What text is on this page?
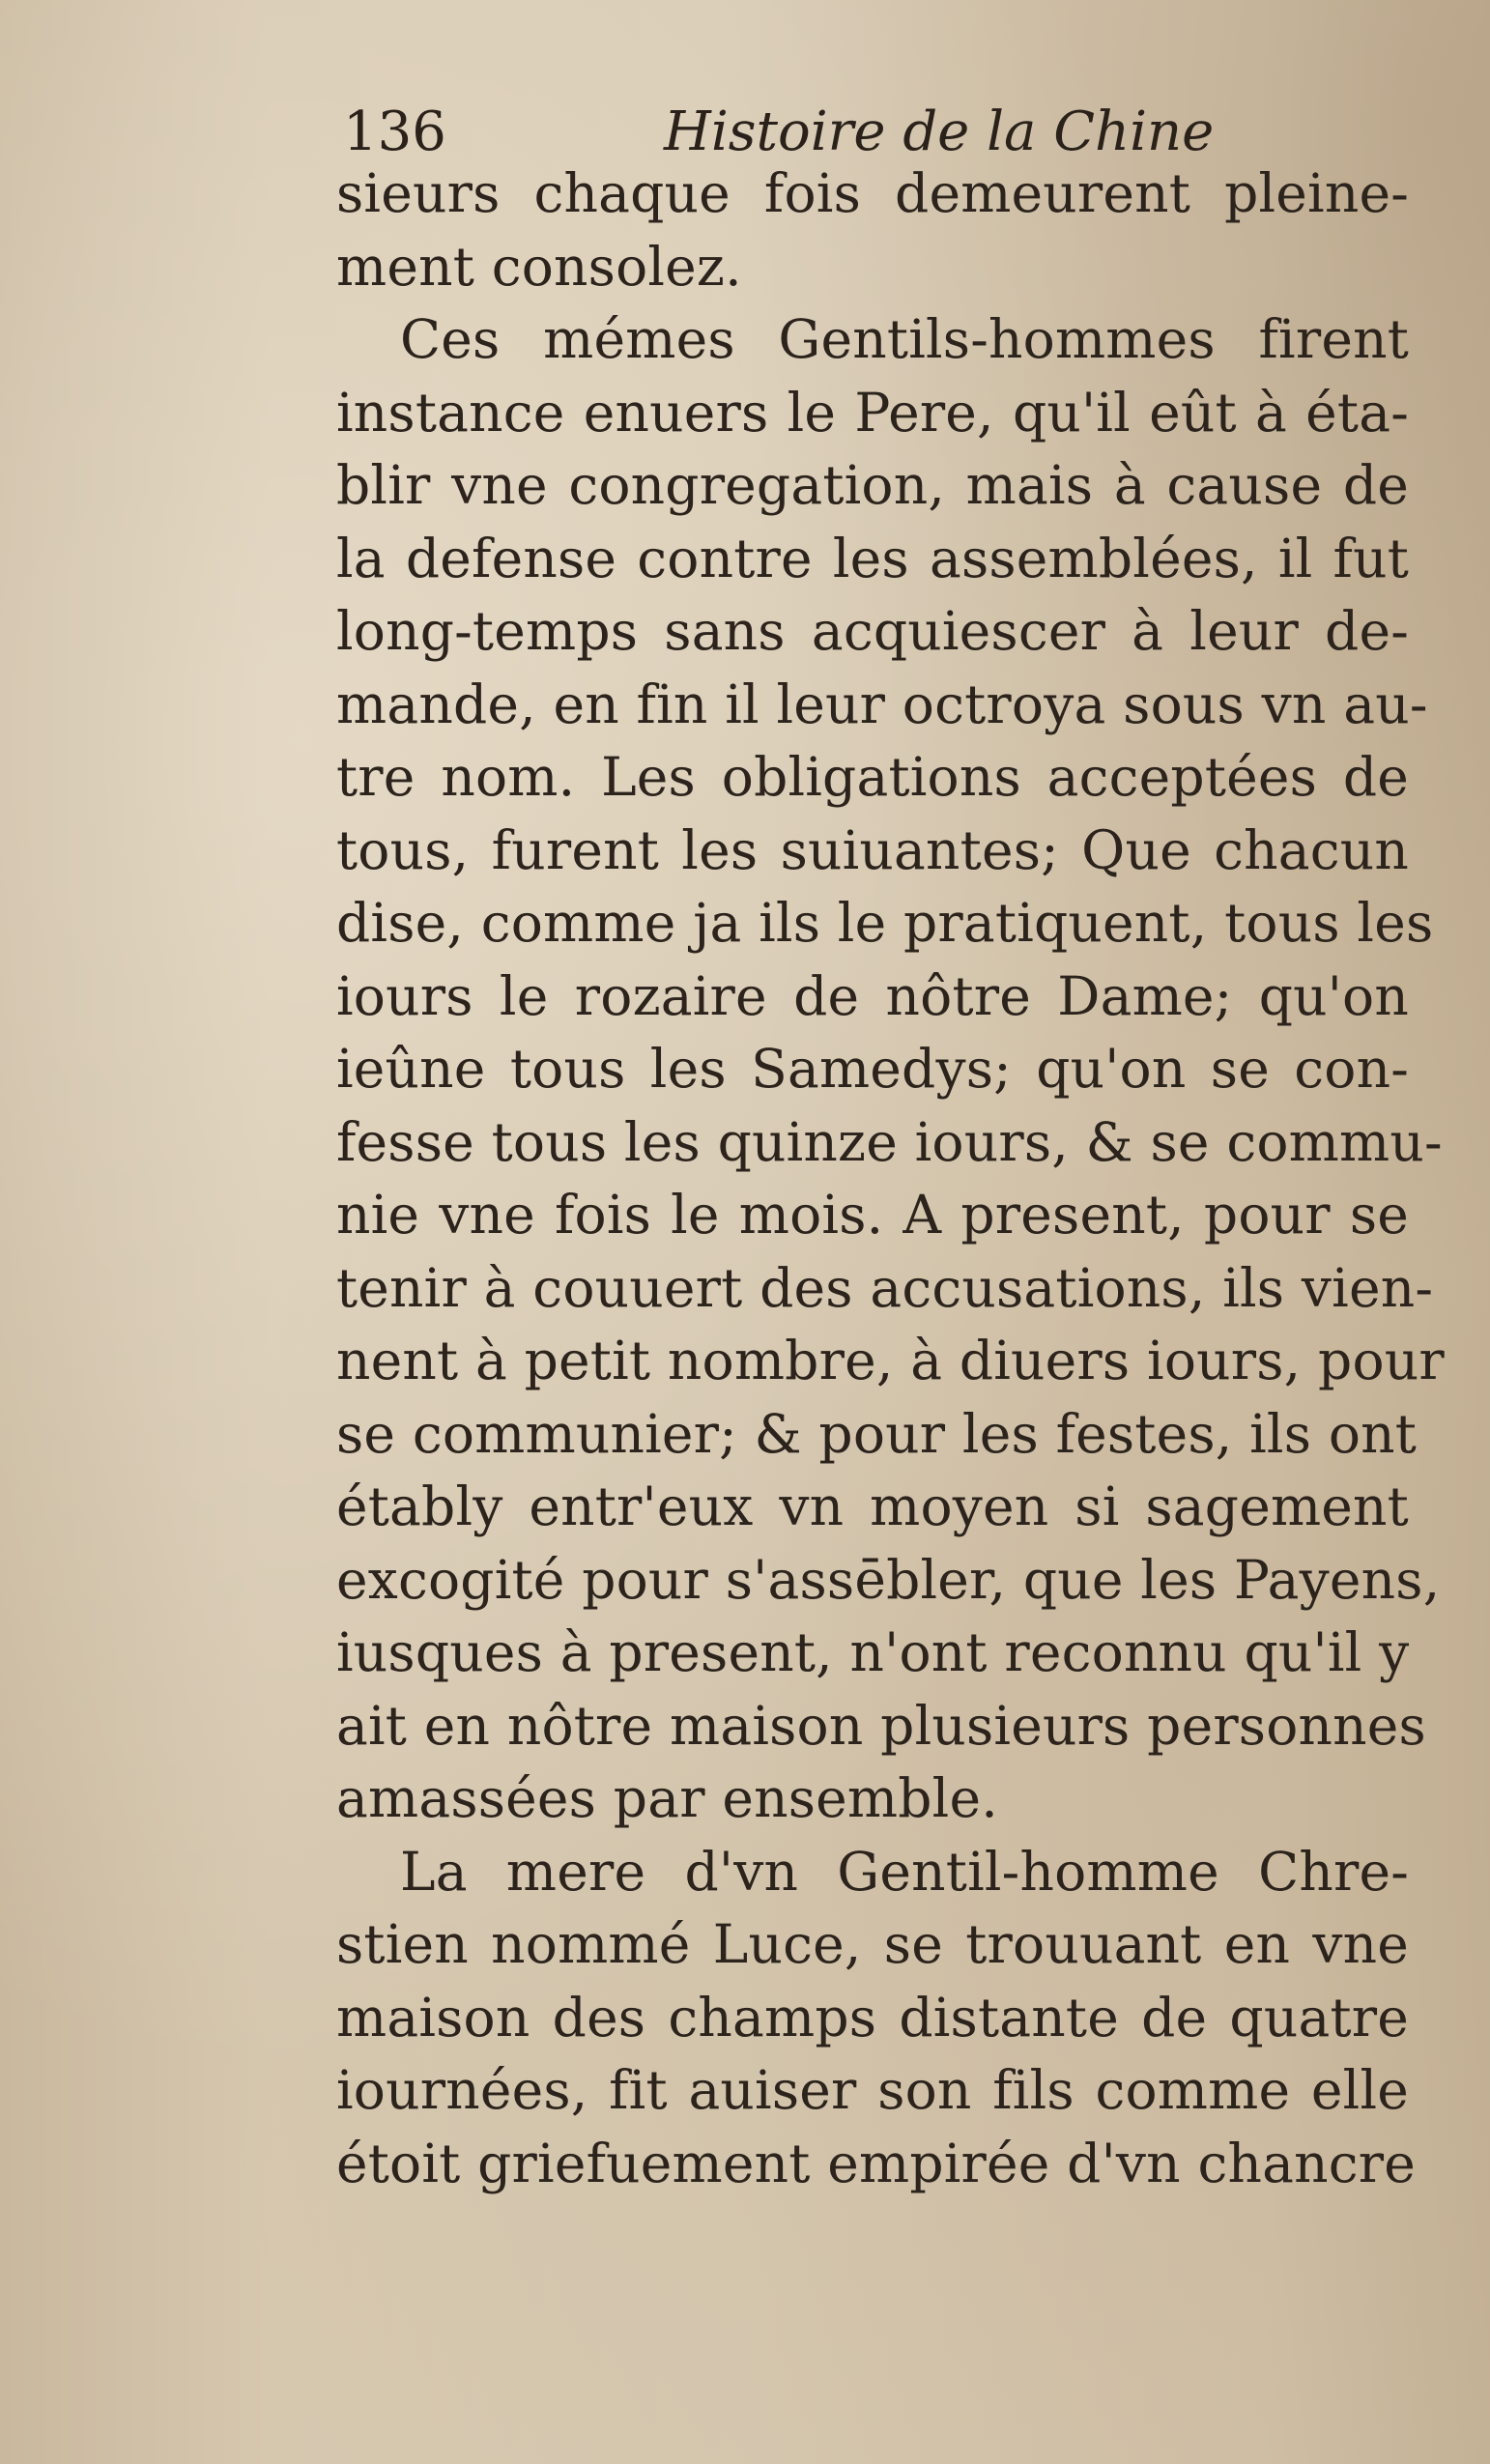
136	Histoire de la Chine
sieurs chaque fois demeurent pleine-
ment consolez.
Ces mémes Gentils-hommes firent
instance enuers le Pere, qu'il eût à éta-
blir vne congregation, mais à cause de
la defense contre les assemblées, il fut
long-temps sans acquiescer à leur de-
mande, en fin il leur octroya sous vn au-
tre nom. Les obligations acceptées de
tous, furent les suiuantes; Que chacun
dise, comme ja ils le pratiquent, tous les
iours le rozaire de nôtre Dame; qu'on
ieûne tous les Samedys; qu'on se con-
fesse tous les quinze iours, & se commu-
nie vne fois le mois. A present, pour se
tenir à couuert des accusations, ils vien-
nent à petit nombre, à diuers iours, pour
se communier; & pour les festes, ils ont
étably entr'eux vn moyen si sagement
excogité pour s'assēbler, que les Payens,
iusques à present, n'ont reconnu qu'il y
ait en nôtre maison plusieurs personnes
amassées par ensemble.
La mere d'vn Gentil-homme Chre-
stien nommé Luce, se trouuant en vne
maison des champs distante de quatre
iournées, fit auiser son fils comme elle
étoit griefuement empirée d'vn chancre
